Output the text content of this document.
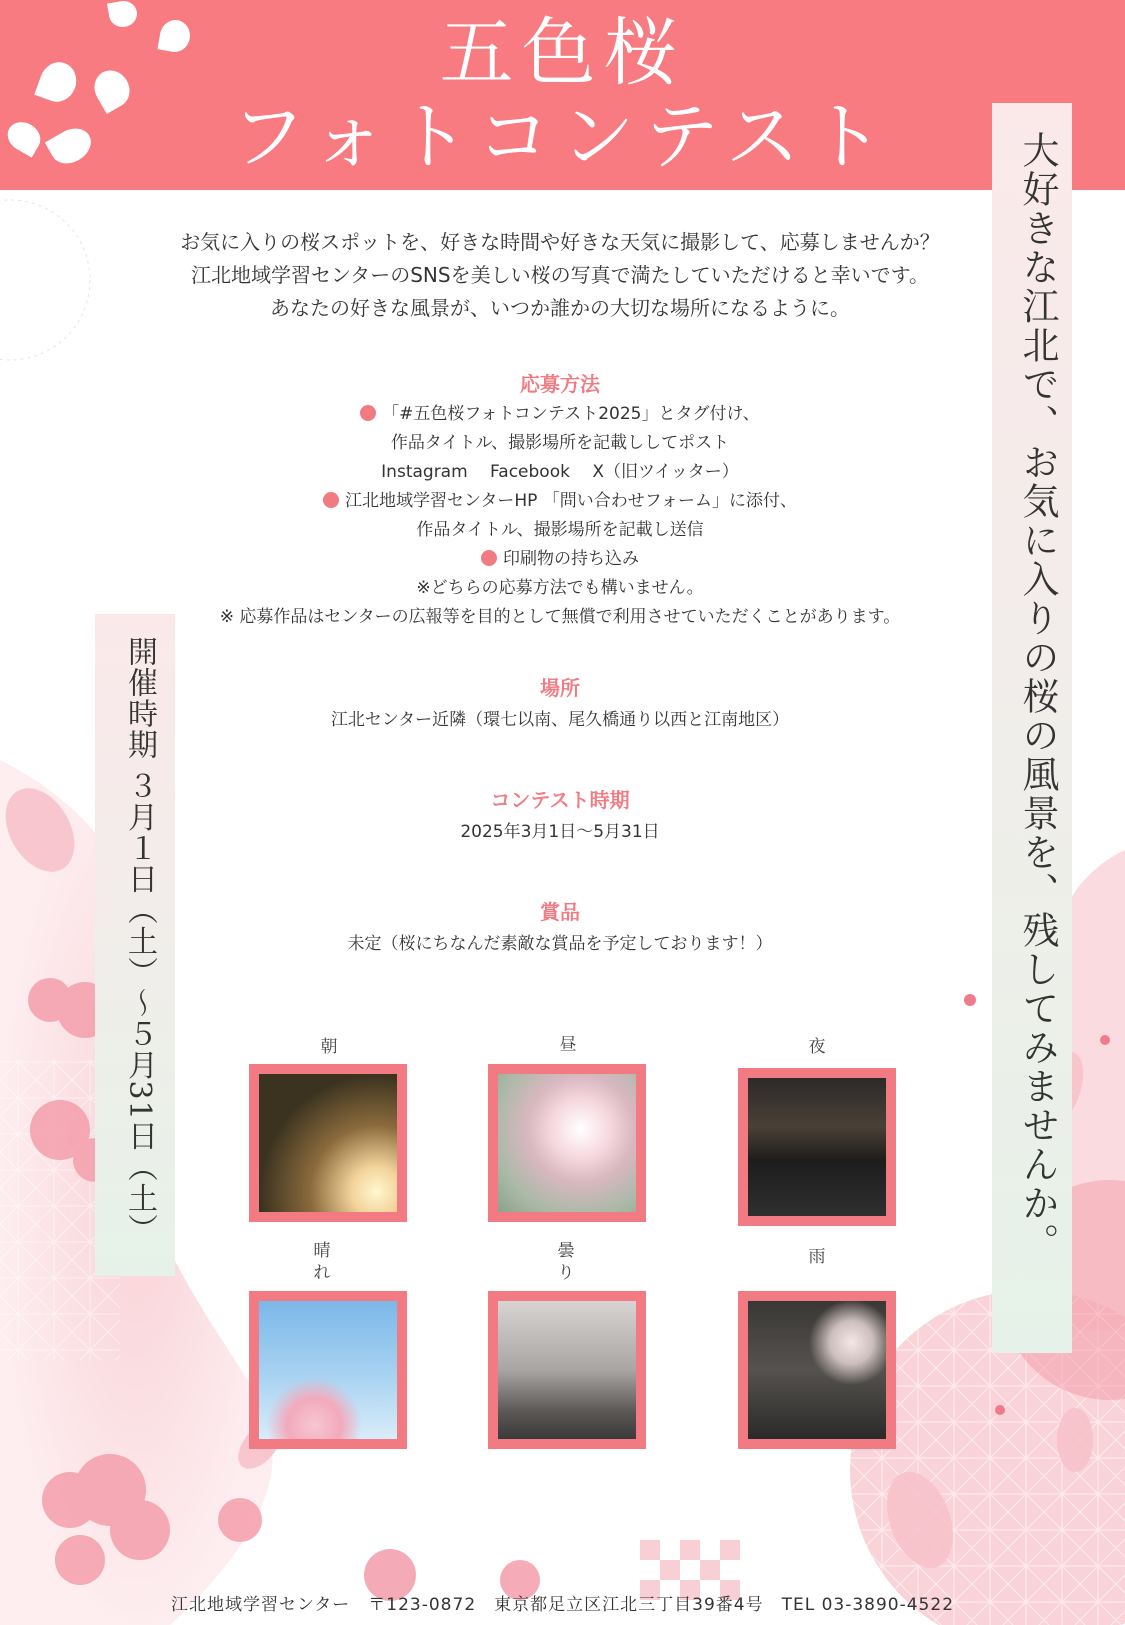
五色桜
フォトコンテスト	大好きな江北で、お気に入りの桜の風景を、残してみませんか。
開催時期 ３月１日（土）～５月31日（土）

お気に入りの桜スポットを、好きな時間や好きな天気に撮影して、応募しませんか？

江北地域学習センターのSNSを美しい桜の写真で満たしていただけると幸いです。

あなたの好きな風景が、いつか誰かの大切な場所になるように。

応募方法

「#五色桜フォトコンテスト2025」とタグ付け、

作品タイトル、撮影場所を記載ししてポスト

Instagram　 Facebook　 X（旧ツイッター）

江北地域学習センターHP 「問い合わせフォーム」に添付、

作品タイトル、撮影場所を記載し送信

印刷物の持ち込み

※どちらの応募方法でも構いません。

※ 応募作品はセンターの広報等を目的として無償で利用させていただくことがあります。

場所
江北センター近隣（環七以南、尾久橋通り以西と江南地区）
コンテスト時期
2025年3月1日～5月31日
賞品
未定（桜にちなんだ素敵な賞品を予定しております！）
朝	昼	夜
晴れ
曇り
雨
江北地域学習センター　〒123-0872　東京都足立区江北三丁目39番4号　TEL 03-3890-4522
